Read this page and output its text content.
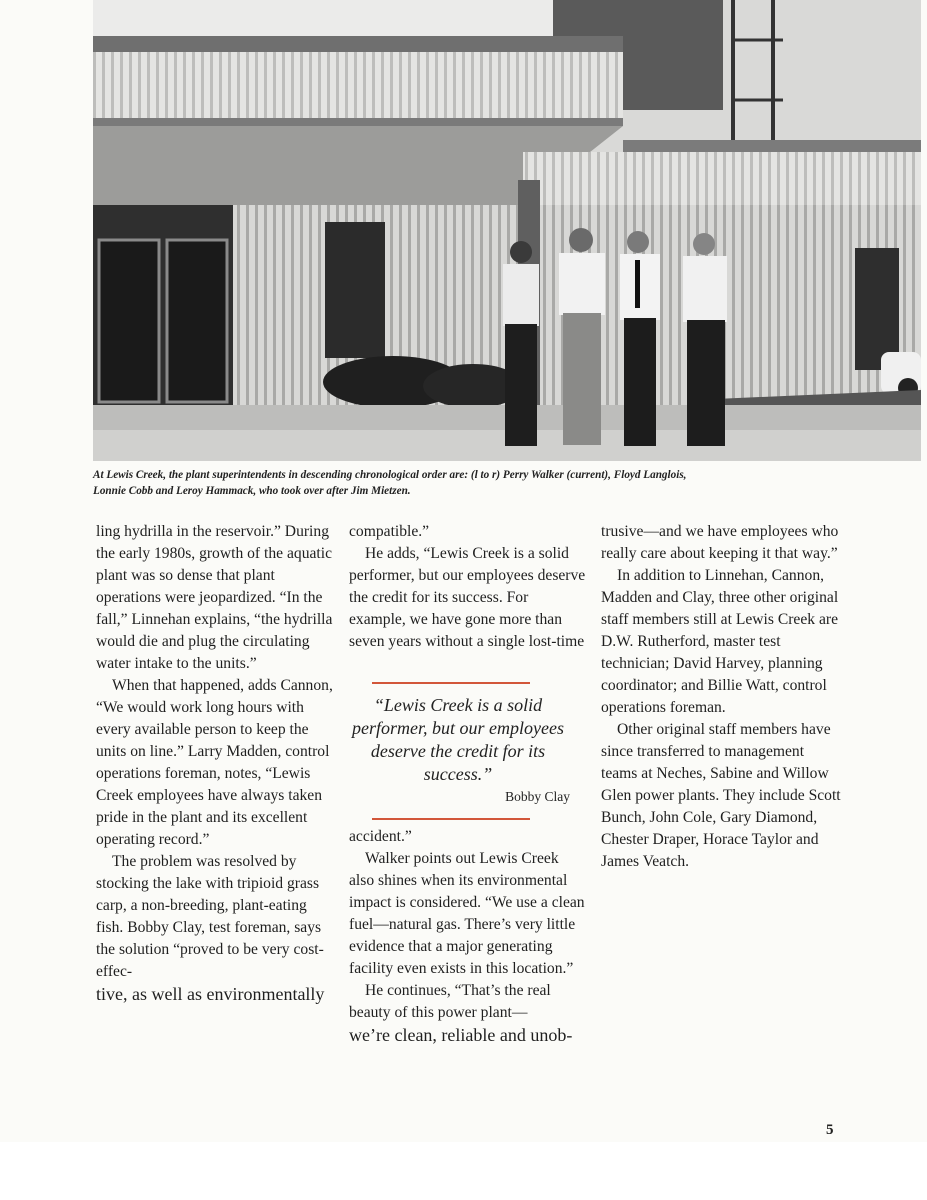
At Lewis Creek, the plant superintendents in descending chronological order are: (l to r) Perry Walker (current), Floyd Langlois,
Lonnie Cobb and Leroy Hammack, who took over after Jim Mietzen.

ling hydrilla in the reservoir.” During the early 1980s, growth of the aquatic plant was so dense that plant operations were jeopardized. “In the fall,” Linnehan explains, “the hydrilla would die and plug the circulating water intake to the units.”

When that happened, adds Cannon, “We would work long hours with every available person to keep the units on line.” Larry Madden, control operations foreman, notes, “Lewis Creek employees have always taken pride in the plant and its excellent operating record.”

The problem was resolved by stocking the lake with tripioid grass carp, a non-breeding, plant-eating fish. Bobby Clay, test foreman, says the solution “proved to be very cost-effec-

tive, as well as environmentally

compatible.”

He adds, “Lewis Creek is a solid performer, but our employees deserve the credit for its success. For example, we have gone more than seven years without a single lost-time

“Lewis Creek is a solid performer, but our employees deserve the credit for its success.”
Bobby Clay

accident.”

Walker points out Lewis Creek also shines when its environmental impact is considered. “We use a clean fuel—natural gas. There’s very little evidence that a major generating facility even exists in this location.”

He continues, “That’s the real beauty of this power plant—

we’re clean, reliable and unob-

trusive—and we have employees who really care about keeping it that way.”

In addition to Linnehan, Cannon, Madden and Clay, three other original staff members still at Lewis Creek are D.W. Rutherford, master test technician; David Harvey, planning coordinator; and Billie Watt, control operations foreman.

Other original staff members have since transferred to management teams at Neches, Sabine and Willow Glen power plants. They include Scott Bunch, John Cole, Gary Diamond, Chester Draper, Horace Taylor and James Veatch.

5
